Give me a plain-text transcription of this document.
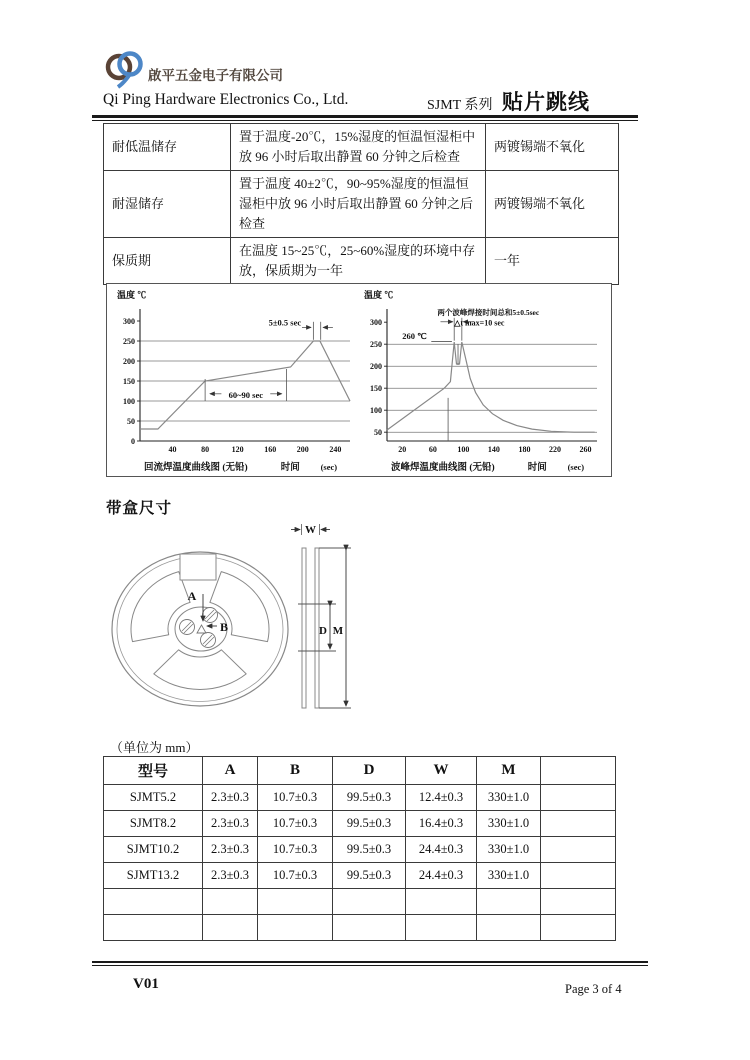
啟平五金电子有限公司
Qi Ping Hardware Electronics Co., Ltd.	SJMT 系列 贴片跳线
耐低温储存	置于温度-20℃，15%湿度的恒温恒湿柜中放 96 小时后取出静置 60 分钟之后检查	两镀锡端不氧化
耐湿储存	置于温度 40±2℃，90~95%湿度的恒温恒湿柜中放 96 小时后取出静置 60 分钟之后检查	两镀锡端不氧化
保质期	在温度 15~25℃，25~60%湿度的环境中存放，保质期为一年	一年
0
50
100
150
200
250
300
40	80	120	160	200	240
5±0.5 sec
60~90 sec
温度 ℃
回流焊温度曲线图 (无铅)	时间 (sec)
50
100
150
200
250
300
20	60	100 140 180 220 260
260 ℃
两个波峰焊接时间总和5±0.5sec
△t max=10 sec
温度 ℃
波峰焊温度曲线图 (无铅)	时间 (sec)
带盒尺寸
A
B
W
D M
（单位为 mm）
型号	A	B	D	W	M	
SJMT5.2	2.3±0.3	10.7±0.3	99.5±0.3	12.4±0.3	330±1.0	
SJMT8.2	2.3±0.3	10.7±0.3	99.5±0.3	16.4±0.3	330±1.0	
SJMT10.2	2.3±0.3	10.7±0.3	99.5±0.3	24.4±0.3	330±1.0	
SJMT13.2	2.3±0.3	10.7±0.3	99.5±0.3	24.4±0.3	330±1.0	

V01	Page 3 of 4
